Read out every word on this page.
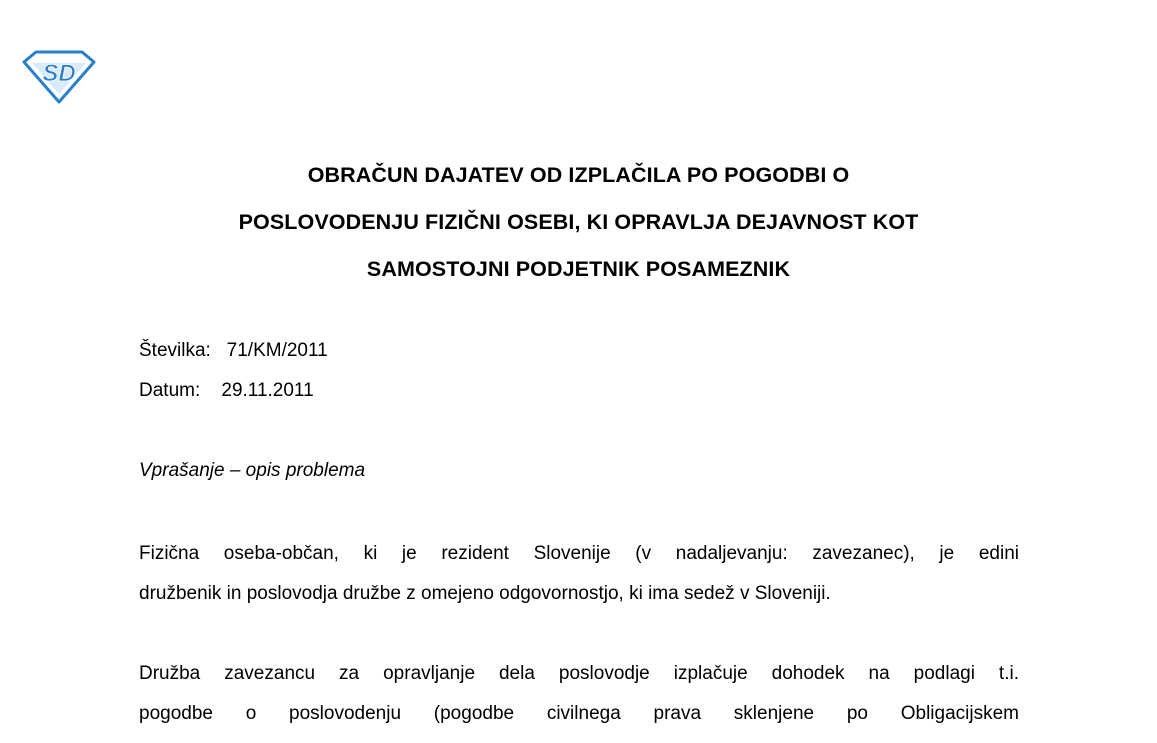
SD
OBRAČUN DAJATEV OD IZPLAČILA PO POGODBI O
POSLOVODENJU FIZIČNI OSEBI, KI OPRAVLJA DEJAVNOST KOT
SAMOSTOJNI PODJETNIK POSAMEZNIK
Številka: 71/KM/2011
Datum: 29.11.2011
Vprašanje – opis problema
Fizična oseba-občan, ki je rezident Slovenije (v nadaljevanju: zavezanec), je edini
družbenik in poslovodja družbe z omejeno odgovornostjo, ki ima sedež v Sloveniji.
Družba zavezancu za opravljanje dela poslovodje izplačuje dohodek na podlagi t.i.
pogodbe o poslovodenju (pogodbe civilnega prava sklenjene po Obligacijskem
